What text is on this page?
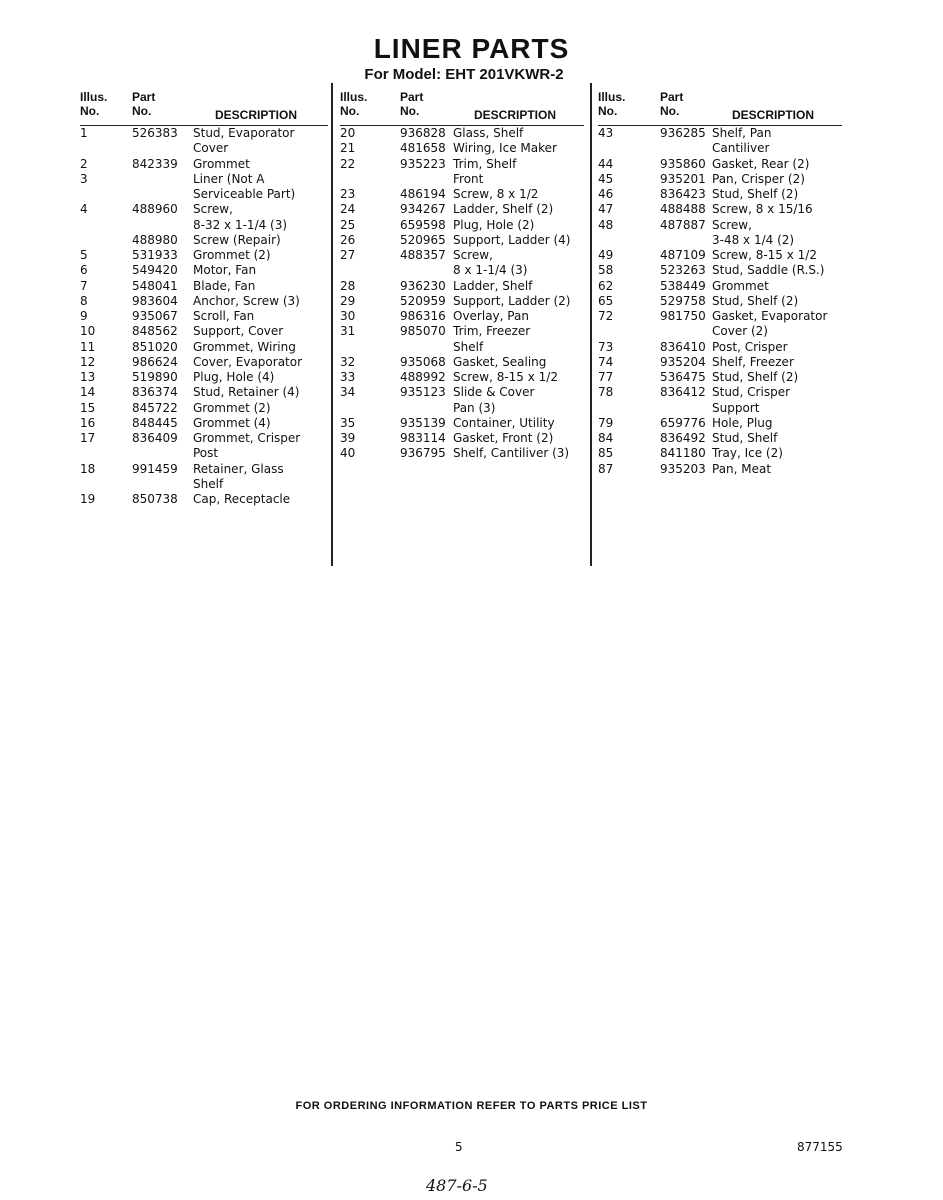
LINER PARTS
For Model: EHT 201VKWR-2
Illus.
No.
Part
No.	DESCRIPTION
1	526383 Stud, Evaporator
Cover
2	842339 Grommet
3	Liner (Not A
Serviceable Part)
4	488960 Screw,
8-32 x 1-1/4 (3)
488980 Screw (Repair)
5	531933 Grommet (2)
6	549420 Motor, Fan
7	548041 Blade, Fan
8	983604 Anchor, Screw (3)
9	935067 Scroll, Fan
10	848562 Support, Cover
11	851020 Grommet, Wiring
12	986624 Cover, Evaporator
13	519890 Plug, Hole (4)
14	836374 Stud, Retainer (4)
15	845722 Grommet (2)
16	848445 Grommet (4)
17	836409 Grommet, Crisper
Post
18	991459 Retainer, Glass
Shelf
19	850738 Cap, Receptacle
Illus.
No.
Part
No.	DESCRIPTION
20	936828 Glass, Shelf
21	481658 Wiring, Ice Maker
22	935223 Trim, Shelf
Front
23	486194 Screw, 8 x 1/2
24	934267 Ladder, Shelf (2)
25	659598 Plug, Hole (2)
26	520965 Support, Ladder (4)
27	488357 Screw,
8 x 1-1/4 (3)
28	936230 Ladder, Shelf
29	520959 Support, Ladder (2)
30	986316 Overlay, Pan
31	985070 Trim, Freezer
Shelf
32	935068 Gasket, Sealing
33	488992 Screw, 8-15 x 1/2
34	935123 Slide & Cover
Pan (3)
35	935139 Container, Utility
39	983114 Gasket, Front (2)
40	936795 Shelf, Cantiliver (3)
Illus.
No.
Part
No.	DESCRIPTION
43	936285 Shelf, Pan
Cantiliver
44	935860 Gasket, Rear (2)
45	935201 Pan, Crisper (2)
46	836423 Stud, Shelf (2)
47	488488 Screw, 8 x 15/16
48	487887 Screw,
3-48 x 1/4 (2)
49	487109 Screw, 8-15 x 1/2
58	523263 Stud, Saddle (R.S.)
62	538449 Grommet
65	529758 Stud, Shelf (2)
72	981750 Gasket, Evaporator
Cover (2)
73	836410 Post, Crisper
74	935204 Shelf, Freezer
77	536475 Stud, Shelf (2)
78	836412 Stud, Crisper
Support
79	659776 Hole, Plug
84	836492 Stud, Shelf
85	841180 Tray, Ice (2)
87	935203 Pan, Meat
FOR ORDERING INFORMATION REFER TO PARTS PRICE LIST
5	877155
487-6-5
